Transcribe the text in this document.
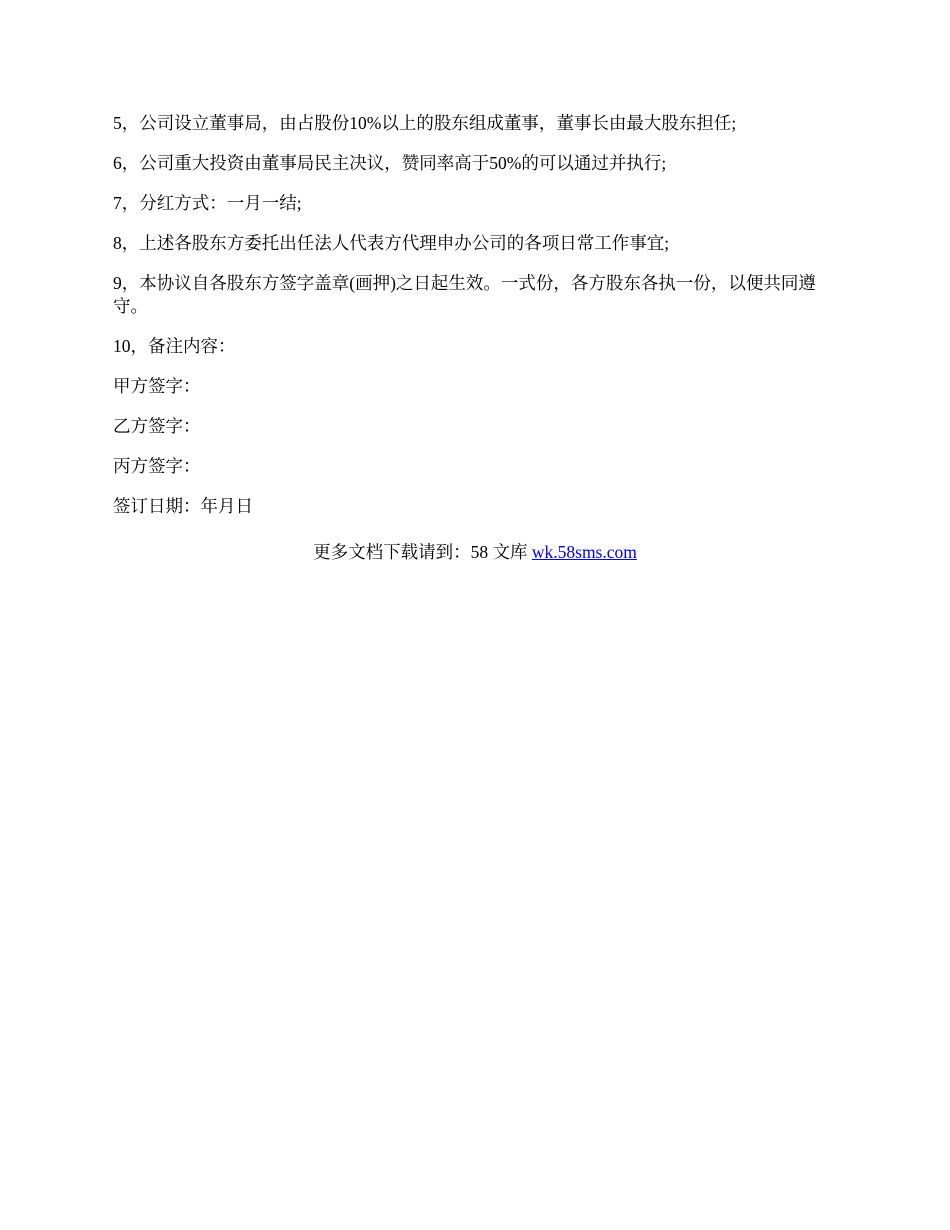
5，公司设立董事局，由占股份10%以上的股东组成董事，董事长由最大股东担任;

6，公司重大投资由董事局民主决议，赞同率高于50%的可以通过并执行;

7，分红方式：一月一结;

8，上述各股东方委托出任法人代表方代理申办公司的各项日常工作事宜;

9，本协议自各股东方签字盖章(画押)之日起生效。一式份，各方股东各执一份，以便共同遵守。

10，备注内容：

甲方签字：

乙方签字：

丙方签字：

签订日期：年月日

更多文档下载请到：58 文库 wk.58sms.com
